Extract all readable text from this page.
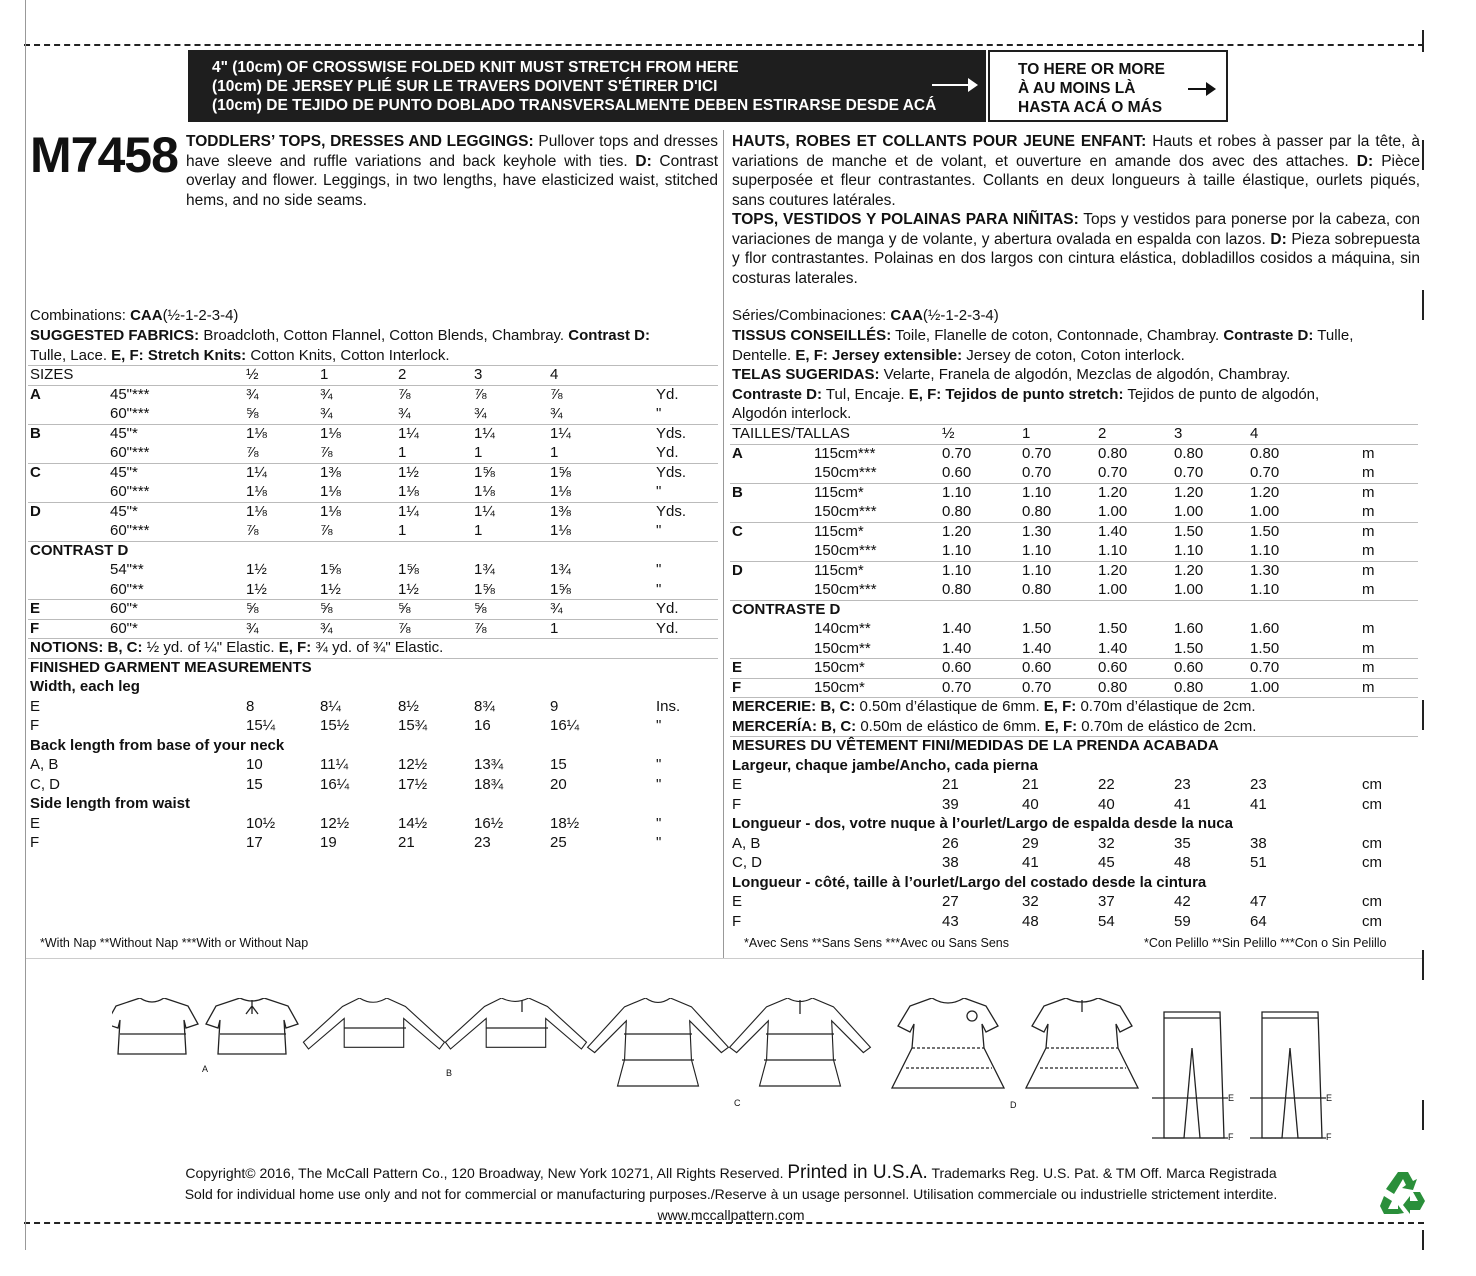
4" (10cm) OF CROSSWISE FOLDED KNIT MUST STRETCH FROM HERE
(10cm) DE JERSEY PLIÉ SUR LE TRAVERS DOIVENT S'ÉTIRER D'ICI
(10cm) DE TEJIDO DE PUNTO DOBLADO TRANSVERSALMENTE DEBEN ESTIRARSE DESDE ACÁ
TO HERE OR MORE
À AU MOINS LÀ
HASTA ACÁ O MÁS
M7458 TODDLERS’ TOPS, DRESSES AND LEGGINGS: Pullover tops and dresses have sleeve and ruffle variations and back keyhole with ties. D: Contrast overlay and flower. Leggings, in two lengths, have elasticized waist, stitched hems, and no side seams.
HAUTS, ROBES ET COLLANTS POUR JEUNE ENFANT: Hauts et robes à passer par la tête, à variations de manche et de volant, et ouverture en amande dos avec des attaches. D: Pièce superposée et fleur contrastantes. Collants en deux longueurs à taille élastique, ourlets piqués, sans coutures latérales.
TOPS, VESTIDOS Y POLAINAS PARA NIÑITAS: Tops y vestidos para ponerse por la cabeza, con variaciones de manga y de volante, y abertura ovalada en espalda con lazos. D: Pieza sobrepuesta y flor contrastantes. Polainas en dos largos con cintura elástica, dobladillos cosidos a máquina, sin costuras laterales.
Combinations: CAA(½-1-2-3-4)
SUGGESTED FABRICS: Broadcloth, Cotton Flannel, Cotton Blends, Chambray. Contrast D:
Tulle, Lace. E, F: Stretch Knits: Cotton Knits, Cotton Interlock.
SIZES	½	1	2	3	4
A	45"***	¾	¾	⅞	⅞	⅞	Yd.
60"***	⅝	¾	¾	¾	¾	"
B	45"*	1⅛	1⅛	1¼	1¼	1¼	Yds.
60"***	⅞	⅞	1	1	1	Yd.
C	45"*	1¼	1⅜	1½	1⅝	1⅝	Yds.
60"***	1⅛	1⅛	1⅛	1⅛	1⅛	"
D	45"*	1⅛	1⅛	1¼	1¼	1⅜	Yds.
60"***	⅞	⅞	1	1	1⅛	"
CONTRAST D
54"**	1½	1⅝	1⅝	1¾	1¾	"
60"**	1½	1½	1½	1⅝	1⅝	"
E	60"*	⅝	⅝	⅝	⅝	¾	Yd.
F	60"*	¾	¾	⅞	⅞	1	Yd.
NOTIONS: B, C: ½ yd. of ¼" Elastic. E, F: ¾ yd. of ¾" Elastic.
FINISHED GARMENT MEASUREMENTS
Width, each leg
E	8	8¼	8½	8¾	9	Ins.
F	15¼	15½	15¾	16	16¼	"
Back length from base of your neck
A, B	10	11¼	12½	13¾	15	"
C, D	15	16¼	17½	18¾	20	"
Side length from waist
E	10½	12½	14½	16½	18½	"
F	17	19	21	23	25	"
*With Nap **Without Nap ***With or Without Nap
Séries/Combinaciones: CAA(½-1-2-3-4)
TISSUS CONSEILLÉS: Toile, Flanelle de coton, Contonnade, Chambray. Contraste D: Tulle,
Dentelle. E, F: Jersey extensible: Jersey de coton, Coton interlock.
TELAS SUGERIDAS: Velarte, Franela de algodón, Mezclas de algodón, Chambray.
Contraste D: Tul, Encaje. E, F: Tejidos de punto stretch: Tejidos de punto de algodón,
Algodón interlock.
TAILLES/TALLAS	½	1	2	3	4
A	115cm***	0.70	0.70	0.80	0.80	0.80	m
150cm***	0.60	0.70	0.70	0.70	0.70	m
B	115cm*	1.10	1.10	1.20	1.20	1.20	m
150cm***	0.80	0.80	1.00	1.00	1.00	m
C	115cm*	1.20	1.30	1.40	1.50	1.50	m
150cm***	1.10	1.10	1.10	1.10	1.10	m
D	115cm*	1.10	1.10	1.20	1.20	1.30	m
150cm***	0.80	0.80	1.00	1.00	1.10	m
CONTRASTE D
140cm**	1.40	1.50	1.50	1.60	1.60	m
150cm**	1.40	1.40	1.40	1.50	1.50	m
E	150cm*	0.60	0.60	0.60	0.60	0.70	m
F	150cm*	0.70	0.70	0.80	0.80	1.00	m
MERCERIE: B, C: 0.50m d’élastique de 6mm. E, F: 0.70m d’élastique de 2cm.
MERCERÍA: B, C: 0.50m de elástico de 6mm. E, F: 0.70m de elástico de 2cm.
MESURES DU VÊTEMENT FINI/MEDIDAS DE LA PRENDA ACABADA
Largeur, chaque jambe/Ancho, cada pierna
E	21	21	22	23	23	cm
F	39	40	40	41	41	cm
Longueur - dos, votre nuque à l’ourlet/Largo de espalda desde la nuca
A, B	26	29	32	35	38	cm
C, D	38	41	45	48	51	cm
Longueur - côté, taille à l’ourlet/Largo del costado desde la cintura
E	27	32	37	42	47	cm
F	43	48	54	59	64	cm
*Avec Sens **Sans Sens ***Avec ou Sans Sens	*Con Pelillo **Sin Pelillo ***Con o Sin Pelillo
A	B
C	D
E
F
E
F
Copyright© 2016, The McCall Pattern Co., 120 Broadway, New York 10271, All Rights Reserved. Printed in U.S.A. Trademarks Reg. U.S. Pat. & TM Off. Marca Registrada
Sold for individual home use only and not for commercial or manufacturing purposes./Reserve à un usage personnel. Utilisation commerciale ou industrielle strictement interdite.
www.mccallpattern.com
